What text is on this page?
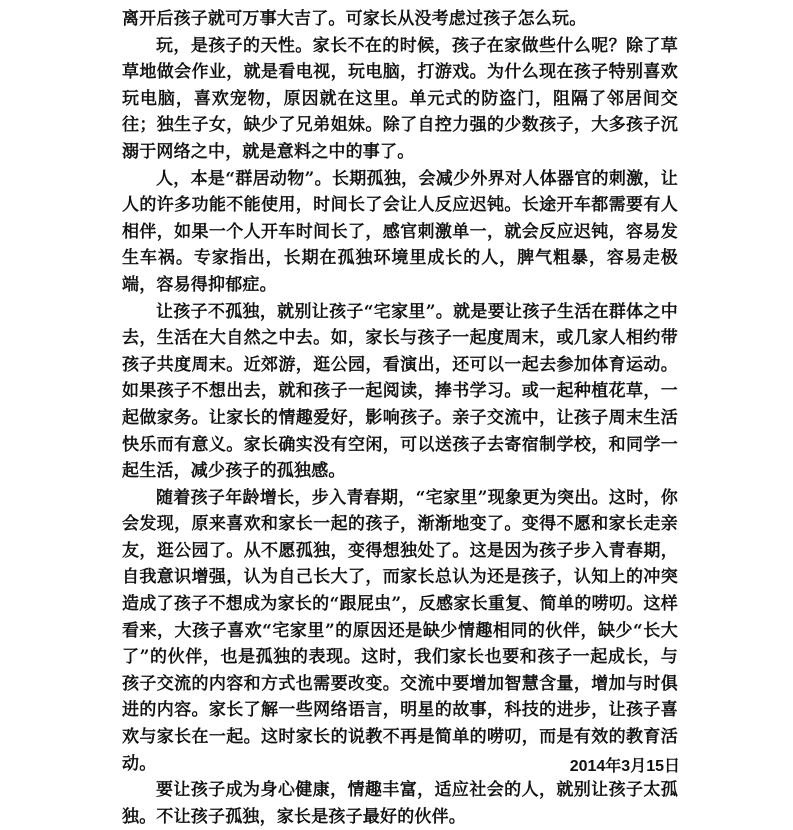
离开后孩子就可万事大吉了。可家长从没考虑过孩子怎么玩。

玩，是孩子的天性。家长不在的时候，孩子在家做些什么呢？除了草草地做会作业，就是看电视，玩电脑，打游戏。为什么现在孩子特别喜欢玩电脑，喜欢宠物，原因就在这里。单元式的防盗门，阻隔了邻居间交往；独生子女，缺少了兄弟姐妹。除了自控力强的少数孩子，大多孩子沉溺于网络之中，就是意料之中的事了。

人，本是“群居动物”。长期孤独，会减少外界对人体器官的刺激，让人的许多功能不能使用，时间长了会让人反应迟钝。长途开车都需要有人相伴，如果一个人开车时间长了，感官刺激单一，就会反应迟钝，容易发生车祸。专家指出，长期在孤独环境里成长的人，脾气粗暴，容易走极端，容易得抑郁症。

让孩子不孤独，就别让孩子“宅家里”。就是要让孩子生活在群体之中去，生活在大自然之中去。如，家长与孩子一起度周末，或几家人相约带孩子共度周末。近郊游，逛公园，看演出，还可以一起去参加体育运动。如果孩子不想出去，就和孩子一起阅读，捧书学习。或一起种植花草，一起做家务。让家长的情趣爱好，影响孩子。亲子交流中，让孩子周末生活快乐而有意义。家长确实没有空闲，可以送孩子去寄宿制学校，和同学一起生活，减少孩子的孤独感。

随着孩子年龄增长，步入青春期，“宅家里”现象更为突出。这时，你会发现，原来喜欢和家长一起的孩子，渐渐地变了。变得不愿和家长走亲友，逛公园了。从不愿孤独，变得想独处了。这是因为孩子步入青春期，自我意识增强，认为自己长大了，而家长总认为还是孩子，认知上的冲突造成了孩子不想成为家长的“跟屁虫”，反感家长重复、简单的唠叨。这样看来，大孩子喜欢“宅家里”的原因还是缺少情趣相同的伙伴，缺少“长大了”的伙伴，也是孤独的表现。这时，我们家长也要和孩子一起成长，与孩子交流的内容和方式也需要改变。交流中要增加智慧含量，增加与时俱进的内容。家长了解一些网络语言，明星的故事，科技的进步，让孩子喜欢与家长在一起。这时家长的说教不再是简单的唠叨，而是有效的教育活动。

要让孩子成为身心健康，情趣丰富，适应社会的人，就别让孩子太孤独。不让孩子孤独，家长是孩子最好的伙伴。

2014年3月15日
